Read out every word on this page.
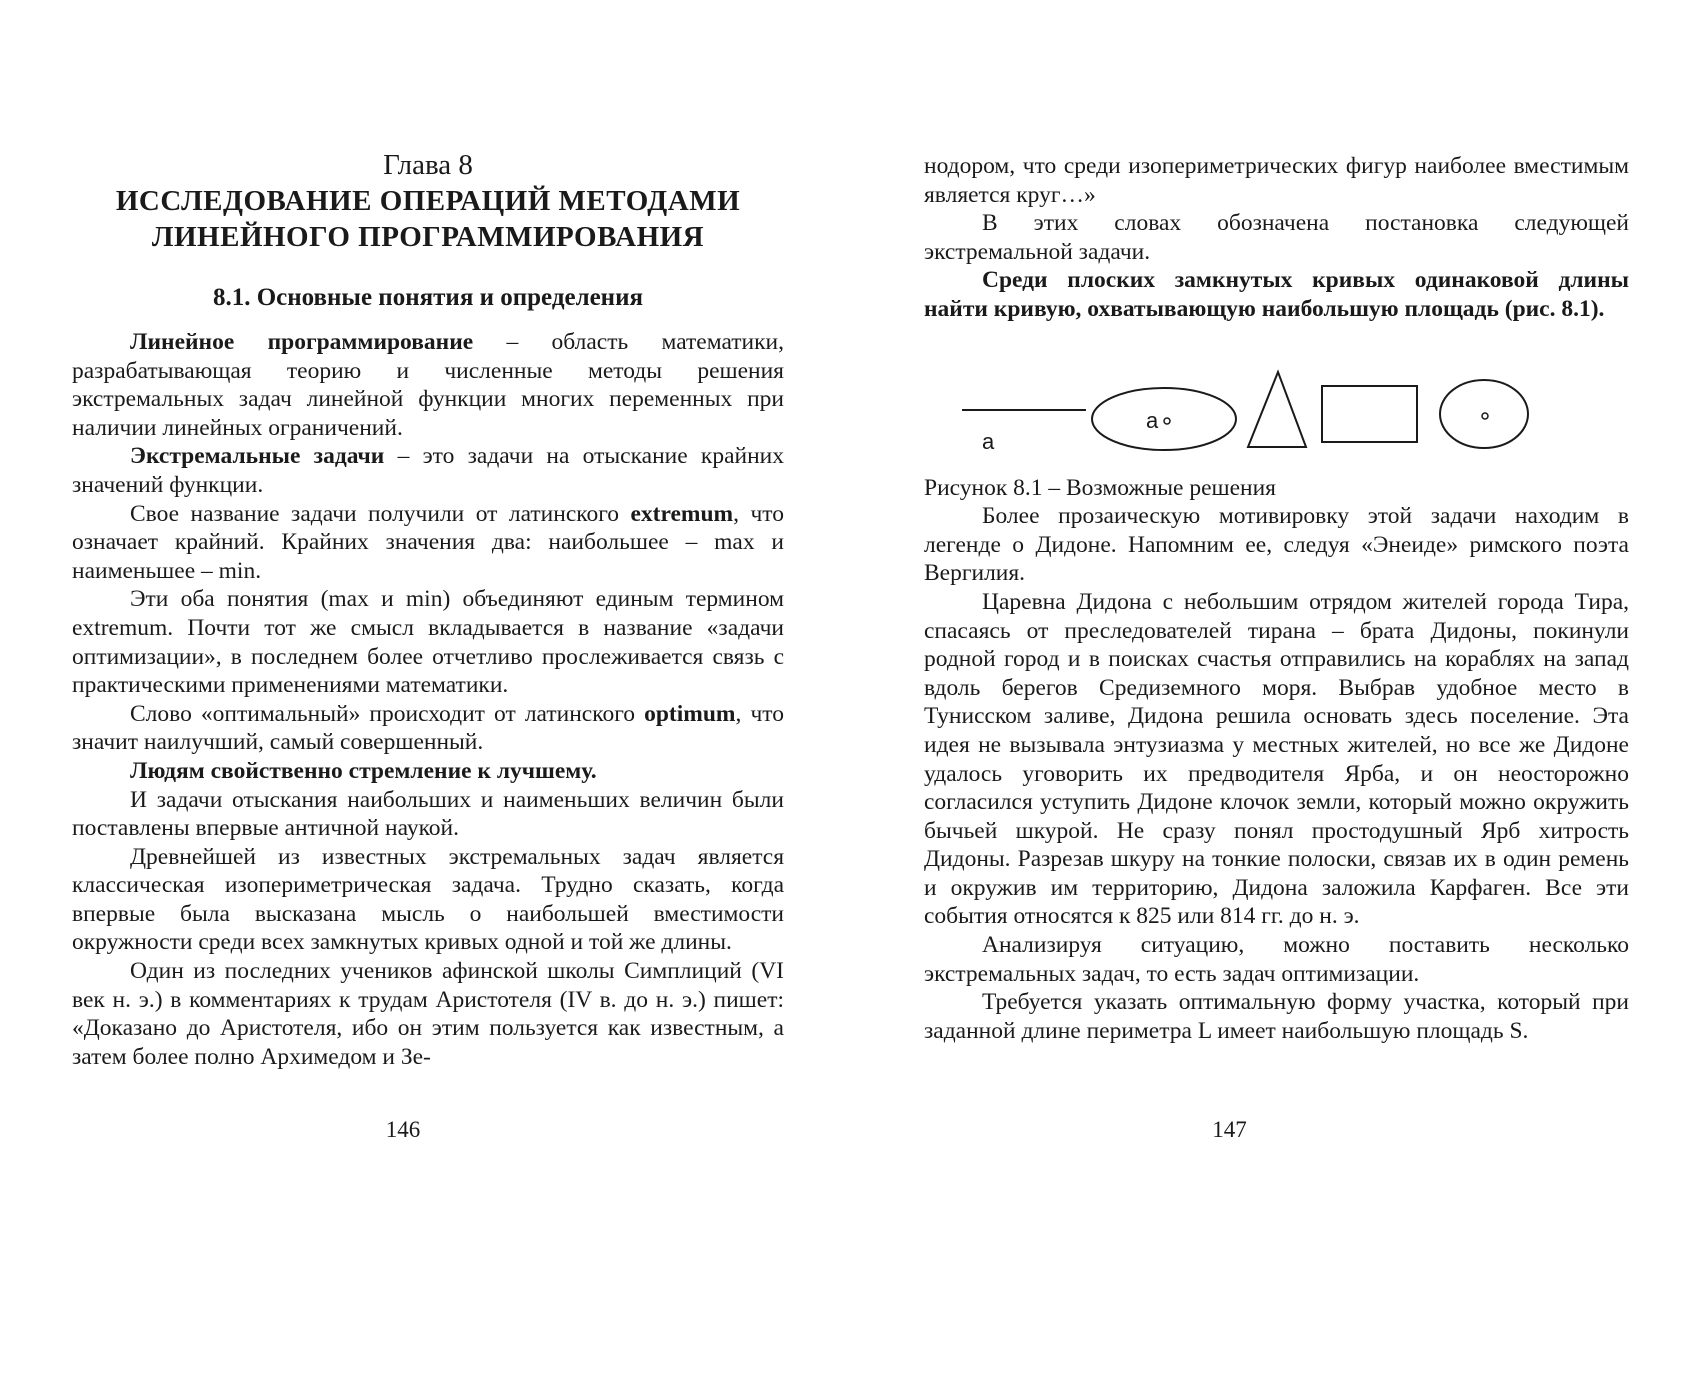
Глава 8
ИССЛЕДОВАНИЕ ОПЕРАЦИЙ МЕТОДАМИ
ЛИНЕЙНОГО ПРОГРАММИРОВАНИЯ
8.1. Основные понятия и определения

Линейное программирование – область математики, разрабатывающая теорию и численные методы решения экстремальных задач линейной функции многих переменных при наличии линейных ограничений.

Экстремальные задачи – это задачи на отыскание крайних значений функции.

Свое название задачи получили от латинского extremum, что означает крайний. Крайних значения два: наибольшее – max и наименьшее – min.

Эти оба понятия (max и min) объединяют единым термином extremum. Почти тот же смысл вкладывается в название «задачи оптимизации», в последнем более отчетливо прослеживается связь с практическими применениями математики.

Слово «оптимальный» происходит от латинского optimum, что значит наилучший, самый совершенный.

Людям свойственно стремление к лучшему.

И задачи отыскания наибольших и наименьших величин были поставлены впервые античной наукой.

Древнейшей из известных экстремальных задач является классическая изопериметрическая задача. Трудно сказать, когда впервые была высказана мысль о наибольшей вместимости окружности среди всех замкнутых кривых одной и той же длины.

Один из последних учеников афинской школы Симплиций (VI век н. э.) в комментариях к трудам Аристотеля (IV в. до н. э.) пишет: «Доказано до Аристотеля, ибо он этим пользуется как известным, а затем более полно Архимедом и Зе-

146

нодором, что среди изопериметрических фигур наиболее вместимым является круг…»

В этих словах обозначена постановка следующей экстремальной задачи.

Среди плоских замкнутых кривых одинаковой длины найти кривую, охватывающую наибольшую площадь (рис. 8.1).

a
a

Рисунок 8.1 – Возможные решения

Более прозаическую мотивировку этой задачи находим в легенде о Дидоне. Напомним ее, следуя «Энеиде» римского поэта Вергилия.

Царевна Дидона с небольшим отрядом жителей города Тира, спасаясь от преследователей тирана – брата Дидоны, покинули родной город и в поисках счастья отправились на кораблях на запад вдоль берегов Средиземного моря. Выбрав удобное место в Тунисском заливе, Дидона решила основать здесь поселение. Эта идея не вызывала энтузиазма у местных жителей, но все же Дидоне удалось уговорить их предводителя Ярба, и он неосторожно согласился уступить Дидоне клочок земли, который можно окружить бычьей шкурой. Не сразу понял простодушный Ярб хитрость Дидоны. Разрезав шкуру на тонкие полоски, связав их в один ремень и окружив им территорию, Дидона заложила Карфаген. Все эти события относятся к 825 или 814 гг. до н. э.

Анализируя ситуацию, можно поставить несколько экстремальных задач, то есть задач оптимизации.

Требуется указать оптимальную форму участка, который при заданной длине периметра L имеет наибольшую площадь S.

147
